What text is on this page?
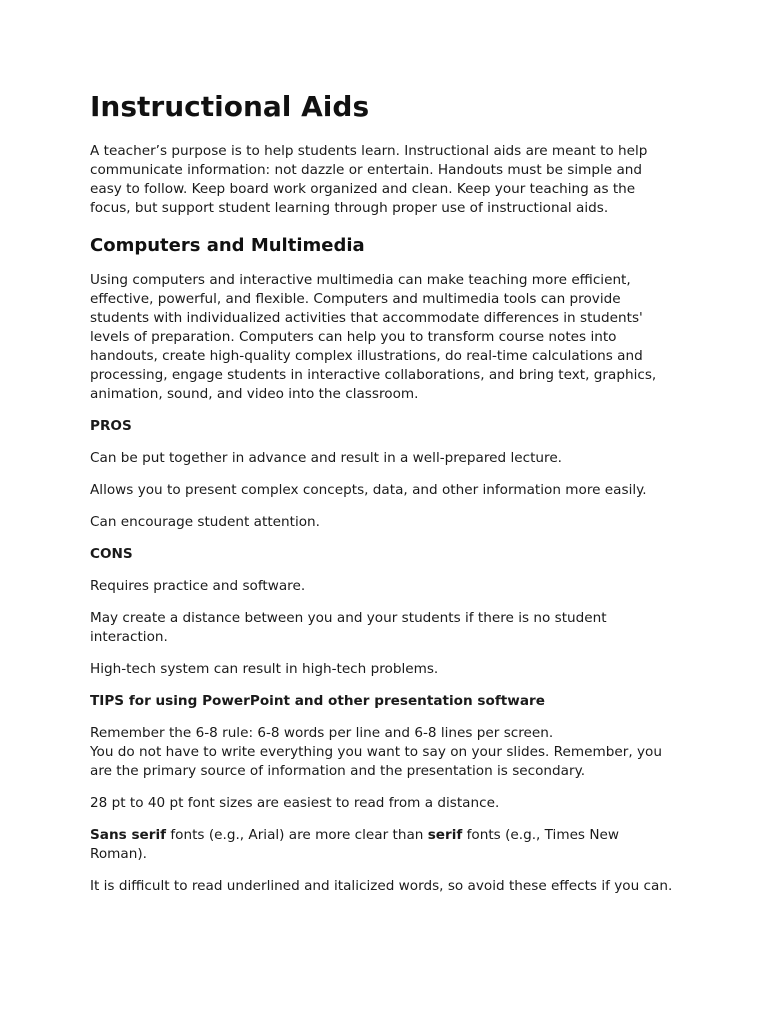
Instructional Aids

A teacher’s purpose is to help students learn. Instructional aids are meant to help communicate information: not dazzle or entertain. Handouts must be simple and easy to follow. Keep board work organized and clean. Keep your teaching as the focus, but support student learning through proper use of instructional aids.

Computers and Multimedia

Using computers and interactive multimedia can make teaching more efficient, effective, powerful, and flexible. Computers and multimedia tools can provide students with individualized activities that accommodate differences in students' levels of preparation. Computers can help you to transform course notes into handouts, create high-quality complex illustrations, do real-time calculations and processing, engage students in interactive collaborations, and bring text, graphics, animation, sound, and video into the classroom.

PROS

Can be put together in advance and result in a well-prepared lecture.

Allows you to present complex concepts, data, and other information more easily.

Can encourage student attention.

CONS

Requires practice and software.

May create a distance between you and your students if there is no student interaction.

High-tech system can result in high-tech problems.

TIPS for using PowerPoint and other presentation software

Remember the 6-8 rule: 6-8 words per line and 6-8 lines per screen.
You do not have to write everything you want to say on your slides. Remember, you are the primary source of information and the presentation is secondary.

28 pt to 40 pt font sizes are easiest to read from a distance.

Sans serif fonts (e.g., Arial) are more clear than serif fonts (e.g., Times New Roman).

It is difficult to read underlined and italicized words, so avoid these effects if you can.
